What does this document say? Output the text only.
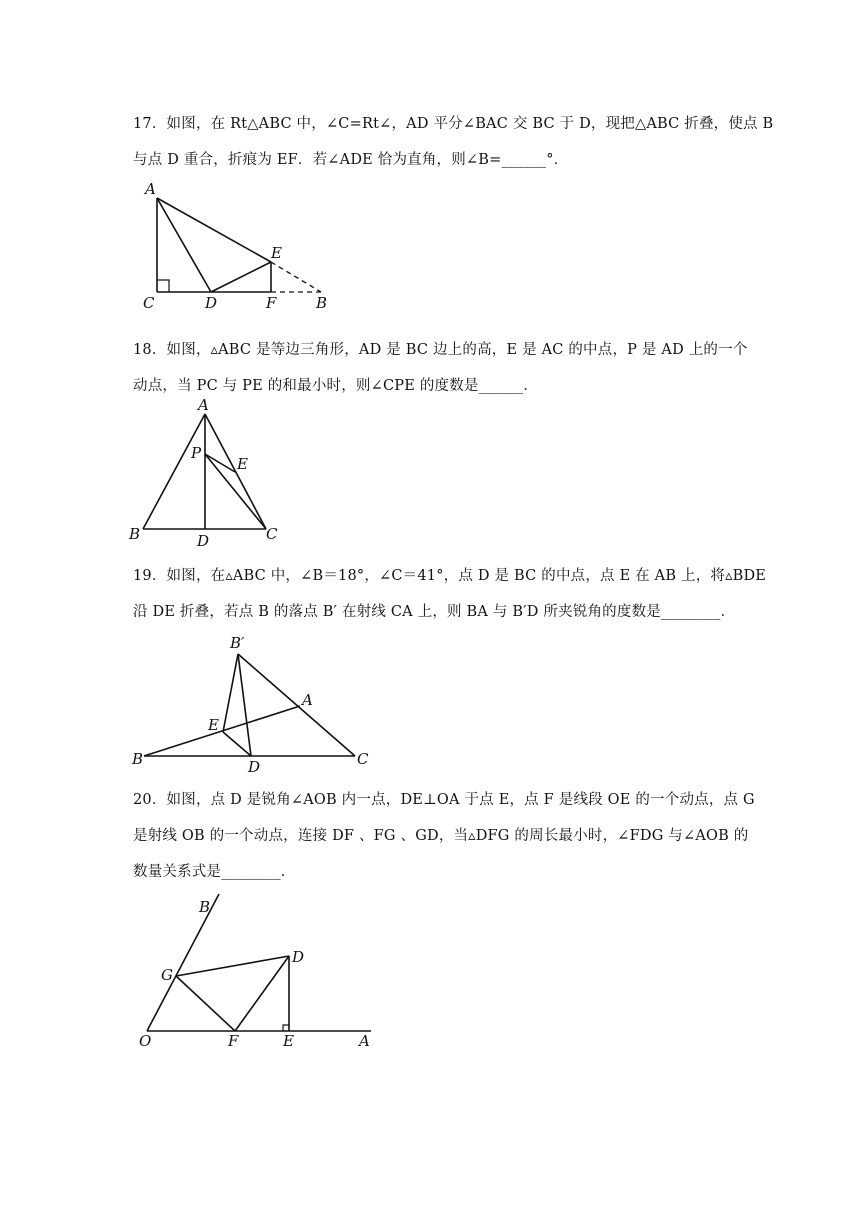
17．如图，在 Rt△ABC 中，∠C=Rt∠，AD 平分∠BAC 交 BC 于 D，现把△ABC 折叠，使点 B
与点 D 重合，折痕为 EF．若∠ADE 恰为直角，则∠B=______°．
A
C	D	F	B
E
18．如图，▵ABC 是等边三角形，AD 是 BC 边上的高，E 是 AC 的中点，P 是 AD 上的一个
动点，当 PC 与 PE 的和最小时，则∠CPE 的度数是______．
A
P
E
B	D	C
19．如图，在▵ABC 中，∠B＝18°，∠C＝41°，点 D 是 BC 的中点，点 E 在 AB 上，将▵BDE
沿 DE 折叠，若点 B 的落点 B′ 在射线 CA 上，则 BA 与 B′D 所夹锐角的度数是________．
B′
A
E
B	D	C
20．如图，点 D 是锐角∠AOB 内一点，DE⊥OA 于点 E，点 F 是线段 OE 的一个动点，点 G
是射线 OB 的一个动点，连接 DF 、FG 、GD，当▵DFG 的周长最小时，∠FDG 与∠AOB 的
数量关系式是________．
B
D
G
O	F	E	A
